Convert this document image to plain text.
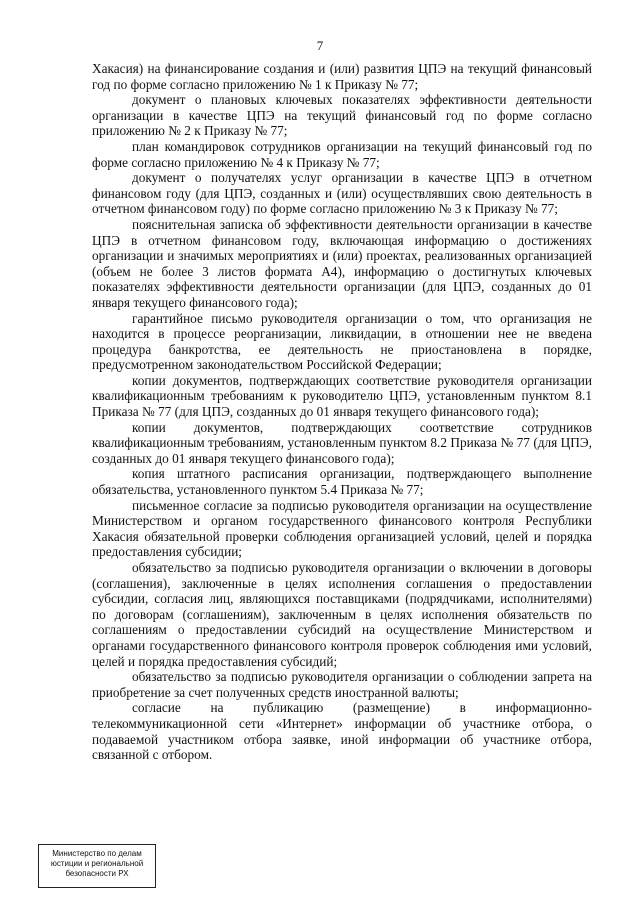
7

Хакасия) на финансирование создания и (или) развития ЦПЭ на текущий финансовый год по форме согласно приложению № 1 к Приказу № 77;

документ о плановых ключевых показателях эффективности деятельности организации в качестве ЦПЭ на текущий финансовый год по форме согласно приложению № 2 к Приказу № 77;

план командировок сотрудников организации на текущий финансовый год по форме согласно приложению № 4 к Приказу № 77;

документ о получателях услуг организации в качестве ЦПЭ в отчетном финансовом году (для ЦПЭ, созданных и (или) осуществлявших свою деятельность в отчетном финансовом году) по форме согласно приложению № 3 к Приказу № 77;

пояснительная записка об эффективности деятельности организации в качестве ЦПЭ в отчетном финансовом году, включающая информацию о достижениях организации и значимых мероприятиях и (или) проектах, реализованных организацией (объем не более 3 листов формата А4), информацию о достигнутых ключевых показателях эффективности деятельности организации (для ЦПЭ, созданных до 01 января текущего финансового года);

гарантийное письмо руководителя организации о том, что организация не находится в процессе реорганизации, ликвидации, в отношении нее не введена процедура банкротства, ее деятельность не приостановлена в порядке, предусмотренном законодательством Российской Федерации;

копии документов, подтверждающих соответствие руководителя организации квалификационным требованиям к руководителю ЦПЭ, установленным пунктом 8.1 Приказа № 77 (для ЦПЭ, созданных до 01 января текущего финансового года);

копии документов, подтверждающих соответствие сотрудников квалификационным требованиям, установленным пунктом 8.2 Приказа № 77 (для ЦПЭ, созданных до 01 января текущего финансового года);

копия штатного расписания организации, подтверждающего выполнение обязательства, установленного пунктом 5.4 Приказа № 77;

письменное согласие за подписью руководителя организации на осуществление Министерством и органом государственного финансового контроля Республики Хакасия обязательной проверки соблюдения организацией условий, целей и порядка предоставления субсидии;

обязательство за подписью руководителя организации о включении в договоры (соглашения), заключенные в целях исполнения соглашения о предоставлении субсидии, согласия лиц, являющихся поставщиками (подрядчиками, исполнителями) по договорам (соглашениям), заключенным в целях исполнения обязательств по соглашениям о предоставлении субсидий на осуществление Министерством и органами государственного финансового контроля проверок соблюдения ими условий, целей и порядка предоставления субсидий;

обязательство за подписью руководителя организации о соблюдении запрета на приобретение за счет полученных средств иностранной валюты;

согласие на публикацию (размещение) в информационно-телекоммуникационной сети «Интернет» информации об участнике отбора, о подаваемой участником отбора заявке, иной информации об участнике отбора, связанной с отбором.

Министерство по делам
юстиции и региональной
безопасности РХ
